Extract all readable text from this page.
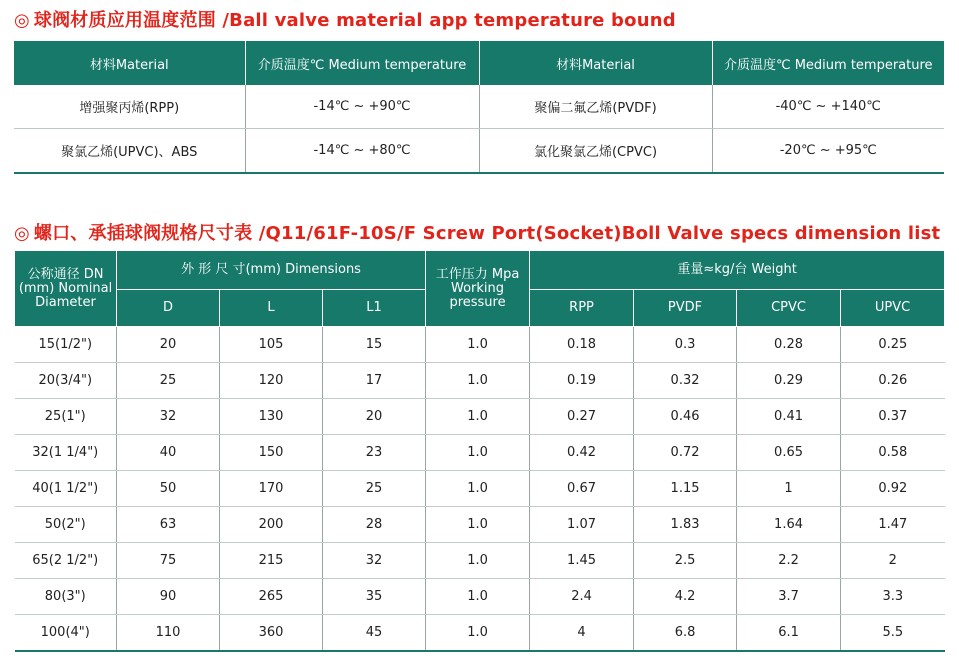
◎ 球阀材质应用温度范围 /Ball valve material app temperature bound
材料Material	介质温度℃ Medium temperature	材料Material	介质温度℃ Medium temperature
增强聚丙烯(RPP)	-14℃ ~ +90℃	聚偏二氟乙烯(PVDF)	-40℃ ~ +140℃
聚氯乙烯(UPVC)、ABS	-14℃ ~ +80℃	氯化聚氯乙烯(CPVC)	-20℃ ~ +95℃
◎ 螺口、承插球阀规格尺寸表 /Q11/61F-10S/F Screw Port(Socket)Boll Valve specs dimension list
公称通径 DN (mm) Nominal Diameter	外 形 尺 寸(mm) Dimensions			工作压力 Mpa Working pressure	重量≈kg/台 Weight			
	D	L	L1		RPP	PVDF	CPVC	UPVC
15(1/2")	20	105	15	1.0	0.18	0.3	0.28	0.25
20(3/4")	25	120	17	1.0	0.19	0.32	0.29	0.26
25(1")	32	130	20	1.0	0.27	0.46	0.41	0.37
32(1 1/4")	40	150	23	1.0	0.42	0.72	0.65	0.58
40(1 1/2")	50	170	25	1.0	0.67	1.15	1	0.92
50(2")	63	200	28	1.0	1.07	1.83	1.64	1.47
65(2 1/2")	75	215	32	1.0	1.45	2.5	2.2	2
80(3")	90	265	35	1.0	2.4	4.2	3.7	3.3
100(4")	110	360	45	1.0	4	6.8	6.1	5.5
